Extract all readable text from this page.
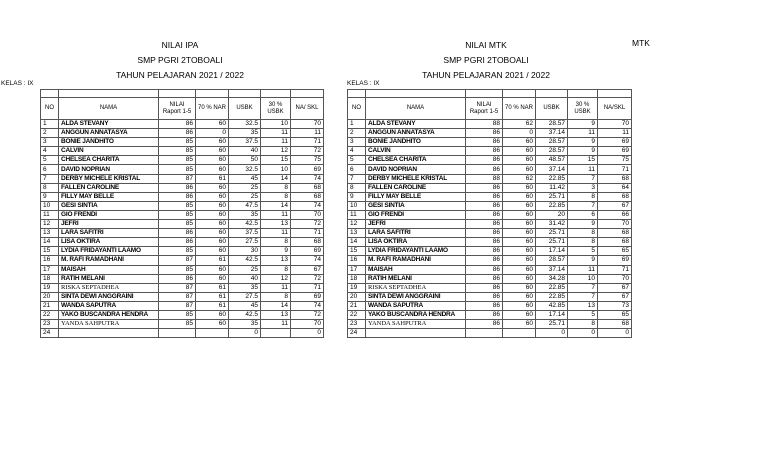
NILAI IPA
SMP PGRI 2TOBOALI
TAHUN PELAJARAN 2021 / 2022
KELAS : IX

NO	NAMA	NILAI Raport 1-5	70 % NAR	USBK	30 % USBK	NA/ SKL
1	ALDA STEVANY	86	60	32.5	10	70
2	ANGGUN ANNATASYA	86	0	35	11	11
3	BONIE JANDHITO	85	60	37.5	11	71
4	CALVIN	85	60	40	12	72
5	CHELSEA CHARITA	85	60	50	15	75
6	DAVID NOPRIAN	85	60	32.5	10	69
7	DERBY MICHELE KRISTAL	87	61	45	14	74
8	FALLEN CAROLINE	86	60	25	8	68
9	FILLY MAY BELLE	86	60	25	8	68
10	GESI SINTIA	85	60	47.5	14	74
11	GIO FRENDI	85	60	35	11	70
12	JEFRI	85	60	42.5	13	72
13	LARA SAFITRI	86	60	37.5	11	71
14	LISA OKTIRA	86	60	27.5	8	68
15	LYDIA FRIDAYANTI LAAMO	85	60	30	9	69
16	M. RAFI RAMADHANI	87	61	42.5	13	74
17	MAISAH	85	60	25	8	67
18	RATIH MELANI	86	60	40	12	72
19	RISKA SEPTADHEA	87	61	35	11	71
20	SINTA DEWI ANGGRAINI	87	61	27.5	8	69
21	WANDA SAPUTRA	87	61	45	14	74
22	YAKO BUSCANDRA HENDRA	85	60	42.5	13	72
23	YANDA SAHPUTRA	85	60	35	11	70
24				0		0
NILAI MTK
SMP PGRI 2TOBOALI
TAHUN PELAJARAN 2021 / 2022
MTK
KELAS : IX

NO	NAMA	NILAI Raport 1-5	70 % NAR	USBK	30 % USBK	NA/SKL
1	ALDA STEVANY	88	62	28.57	9	70
2	ANGGUN ANNATASYA	86	0	37.14	11	11
3	BONIE JANDHITO	86	60	28.57	9	69
4	CALVIN	86	60	28.57	9	69
5	CHELSEA CHARITA	86	60	48.57	15	75
6	DAVID NOPRIAN	86	60	37.14	11	71
7	DERBY MICHELE KRISTAL	88	62	22.85	7	68
8	FALLEN CAROLINE	86	60	11.42	3	64
9	FILLY MAY BELLE	86	60	25.71	8	68
10	GESI SINTIA	86	60	22.85	7	67
11	GIO FRENDI	86	60	20	6	66
12	JEFRI	86	60	31.42	9	70
13	LARA SAFITRI	86	60	25.71	8	68
14	LISA OKTIRA	86	60	25.71	8	68
15	LYDIA FRIDAYANTI LAAMO	86	60	17.14	5	65
16	M. RAFI RAMADHANI	86	60	28.57	9	69
17	MAISAH	86	60	37.14	11	71
18	RATIH MELANI	86	60	34.28	10	70
19	RISKA SEPTADHEA	86	60	22.85	7	67
20	SINTA DEWI ANGGRAINI	86	60	22.85	7	67
21	WANDA SAPUTRA	86	60	42.85	13	73
22	YAKO BUSCANDRA HENDRA	86	60	17.14	5	65
23	YANDA SAHPUTRA	86	60	25.71	8	68
24				0	0	0
